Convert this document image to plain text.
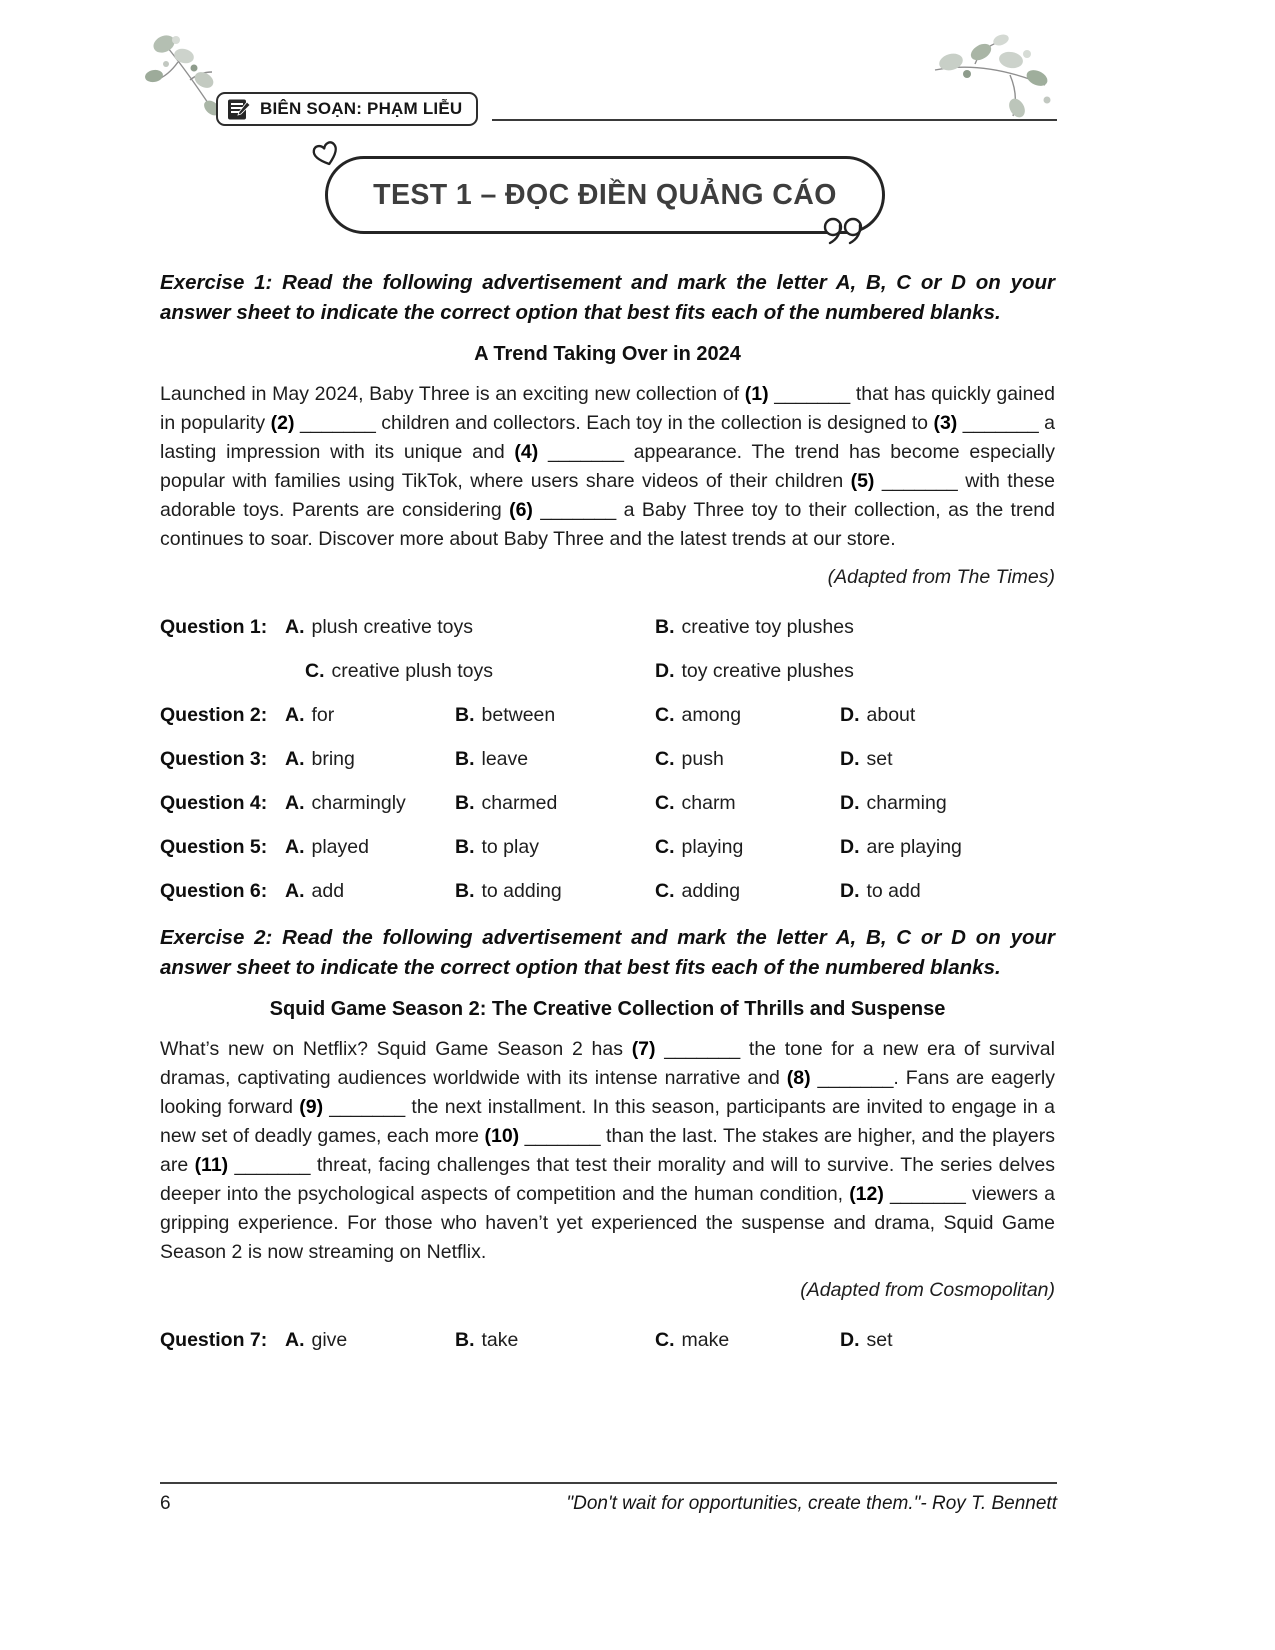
BIÊN SOẠN: PHẠM LIỄU
TEST 1 – ĐỌC ĐIỀN QUẢNG CÁO

Exercise 1: Read the following advertisement and mark the letter A, B, C or D on your answer sheet to indicate the correct option that best fits each of the numbered blanks.

A Trend Taking Over in 2024

Launched in May 2024, Baby Three is an exciting new collection of (1) _______ that has quickly gained in popularity (2) _______ children and collectors. Each toy in the collection is designed to (3) _______ a lasting impression with its unique and (4) _______ appearance. The trend has become especially popular with families using TikTok, where users share videos of their children (5) _______ with these adorable toys. Parents are considering (6) _______ a Baby Three toy to their collection, as the trend continues to soar. Discover more about Baby Three and the latest trends at our store.

(Adapted from The Times)

Question 1: A. plush creative toys	B. creative toy plushes
C. creative plush toys	D. toy creative plushes
Question 2: A. for	B. between	C. among	D. about
Question 3: A. bring	B. leave	C. push	D. set
Question 4: A. charmingly	B. charmed	C. charm	D. charming
Question 5: A. played	B. to play	C. playing	D. are playing
Question 6: A. add	B. to adding	C. adding	D. to add

Exercise 2: Read the following advertisement and mark the letter A, B, C or D on your answer sheet to indicate the correct option that best fits each of the numbered blanks.

Squid Game Season 2: The Creative Collection of Thrills and Suspense

What’s new on Netflix? Squid Game Season 2 has (7) _______ the tone for a new era of survival dramas, captivating audiences worldwide with its intense narrative and (8) _______. Fans are eagerly looking forward (9) _______ the next installment. In this season, participants are invited to engage in a new set of deadly games, each more (10) _______ than the last. The stakes are higher, and the players are (11) _______ threat, facing challenges that test their morality and will to survive. The series delves deeper into the psychological aspects of competition and the human condition, (12) _______ viewers a gripping experience. For those who haven’t yet experienced the suspense and drama, Squid Game Season 2 is now streaming on Netflix.

(Adapted from Cosmopolitan)

Question 7: A. give	B. take	C. make	D. set
6	"Don't wait for opportunities, create them."- Roy T. Bennett
